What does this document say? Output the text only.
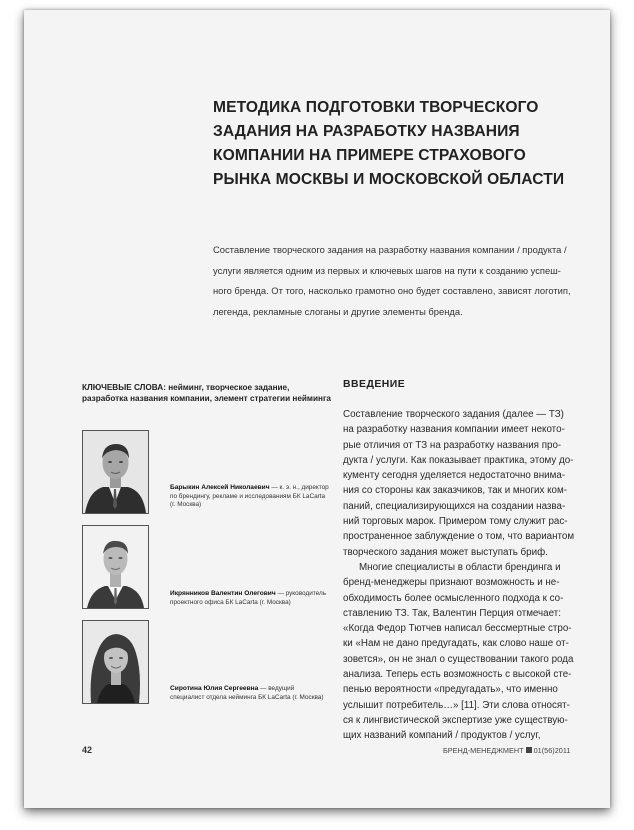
МЕТОДИКА ПОДГОТОВКИ ТВОРЧЕСКОГО
ЗАДАНИЯ НА РАЗРАБОТКУ НАЗВАНИЯ
КОМПАНИИ НА ПРИМЕРЕ СТРАХОВОГО
РЫНКА МОСКВЫ И МОСКОВСКОЙ ОБЛАСТИ
Составление творческого задания на разработку названия компании / продукта /
услуги является одним из первых и ключевых шагов на пути к созданию успеш-
ного бренда. От того, насколько грамотно оно будет составлено, зависят логотип,
легенда, рекламные слоганы и другие элементы бренда.
КЛЮЧЕВЫЕ СЛОВА: нейминг, творческое задание, разработка названия компании, элемент стратегии нейминга
Барыкин Алексей Николаевич — к. э. н., директор по брендингу, рекламе и исследованиям БК LaCarta (г. Москва)
Икрянников Валентин Олегович — руководитель проектного офиса БК LaCarta (г. Москва)
Сиротина Юлия Сергеевна — ведущий специалист отдела нейминга БК LaCarta (г. Москва)
ВВЕДЕНИЕ
Составление творческого задания (далее — ТЗ)
на разработку названия компании имеет некото-
рые отличия от ТЗ на разработку названия про-
дукта / услуги. Как показывает практика, этому до-
кументу сегодня уделяется недостаточно внима-
ния со стороны как заказчиков, так и многих ком-
паний, специализирующихся на создании назва-
ний торговых марок. Примером тому служит рас-
пространенное заблуждение о том, что вариантом
творческого задания может выступать бриф.
Многие специалисты в области брендинга и
бренд-менеджеры признают возможность и не-
обходимость более осмысленного подхода к со-
ставлению ТЗ. Так, Валентин Перция отмечает:
«Когда Федор Тютчев написал бессмертные стро-
ки «Нам не дано предугадать, как слово наше от-
зовется», он не знал о существовании такого рода
анализа. Теперь есть возможность с высокой сте-
пенью вероятности «предугадать», что именно
услышит потребитель…» [11]. Эти слова относят-
ся к лингвистической экспертизе уже существую-
щих названий компаний / продуктов / услуг,
42	БРЕНД-МЕНЕДЖМЕНТ 01(56)2011
